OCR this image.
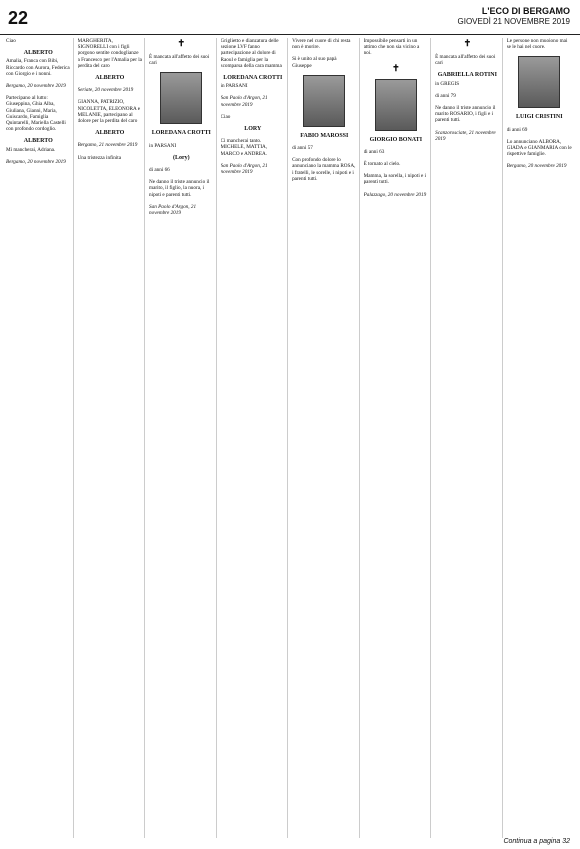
22	L'ECO DI BERGAMO
GIOVEDÌ 21 NOVEMBRE 2019
Ciao
ALBERTO
Amalia, Franca con Bibi, Riccardo con Aurora, Federica con Giorgio e i nonni.
Bergamo, 20 novembre 2019
Partecipano al lutto: Giuseppina, Ghia Alba, Giuliana, Gianni, Maria, Guiscardo, Famiglia Quintarelli, Mariella Castelli con profondo cordoglio.
ALBERTO
Mi mancherai, Adriana.
Bergamo, 20 novembre 2019
MARGHERITA, SIGNORELLI con i figli porgono sentite condoglianze a Francesco per l'Amalia per la perdita del caro
ALBERTO
Seriate, 20 novembre 2019
GIANNA, PATRIZIO, NICOLETTA, ELEONORA e MELANIE, partecipano al dolore per la perdita del caro
ALBERTO
Bergamo, 21 novembre 2019
Una tristezza infinita
✝
È mancata all'affetto dei suoi cari
LOREDANA CROTTI
in PARSANI
(Lory)
di anni 66
Ne danno il triste annuncio il marito, il figlio, la nuora, i nipoti e parenti tutti.
San Paolo d'Argon, 21 novembre 2019
Griglietto e dianzatura delle sezione LVF fanno partecipazione al dolore di Raoul e famiglia per la scomparsa della cara mamma
LOREDANA CROTTI
in PARSANI
San Paolo d'Argon, 21 novembre 2019
Ciao
LORY
Ci mancherai tanto. MICHELE, MATTIA, MARCO e ANDREA.
San Paolo d'Argon, 21 novembre 2019
Vivere nel cuore di chi resta non è morire.
Si è unito al suo papà Giuseppe
FABIO MAROSSI
di anni 57
Con profondo dolore lo annunciano la mamma ROSA, i fratelli, le sorelle, i nipoti e i parenti tutti.
Impossibile pensarti in un attimo che non sia vicino a noi.
✝
GIORGIO BONATI
di anni 63
È tornato al cielo.
Mamma, la sorella, i nipoti e i parenti tutti.
Palazzago, 20 novembre 2019
✝
È mancata all'affetto dei suoi cari
GABRIELLA ROTINI
in GREGIS
di anni 79
Ne danno il triste annuncio il marito ROSARIO, i figli e i parenti tutti.
Scanzorosciate, 21 novembre 2019
Le persone non muoiono mai se le hai nel cuore.
LUIGI CRISTINI
di anni 69
Lo annunciano ALBORA, GIADA e GIANMARIA con le rispettive famiglie.
Bergamo, 20 novembre 2019
Continua a pagina 32
